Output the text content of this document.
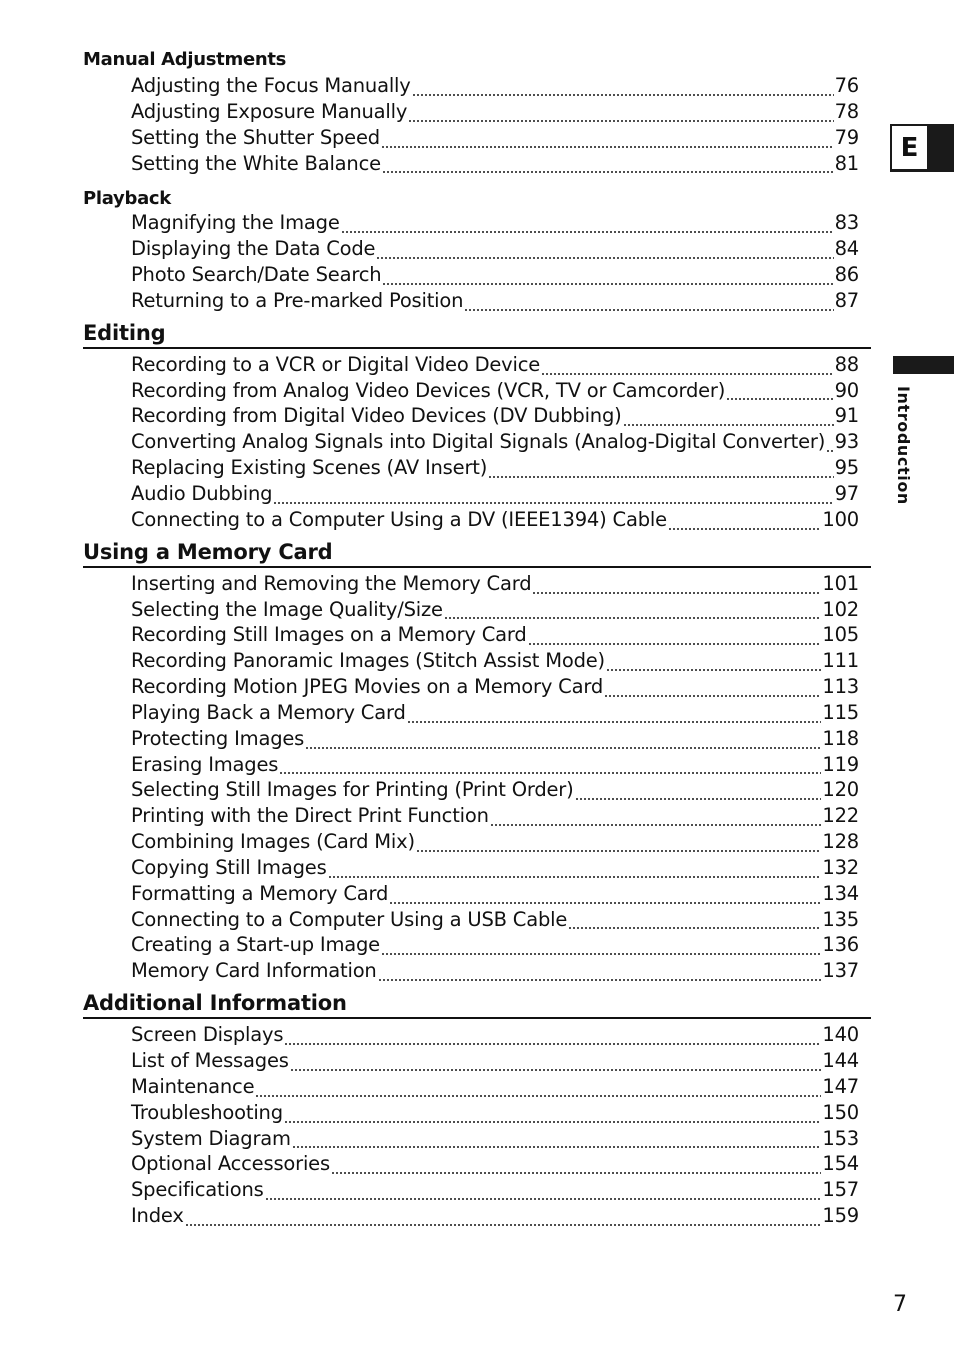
Manual Adjustments
Adjusting the Focus Manually	76
Adjusting Exposure Manually	78
Setting the Shutter Speed	79
Setting the White Balance	81
Playback
Magnifying the Image	83
Displaying the Data Code	84
Photo Search/Date Search	86
Returning to a Pre-marked Position	87
Editing
Recording to a VCR or Digital Video Device	88
Recording from Analog Video Devices (VCR, TV or Camcorder)	90
Recording from Digital Video Devices (DV Dubbing)	91
Converting Analog Signals into Digital Signals (Analog-Digital Converter) 93
Replacing Existing Scenes (AV Insert)	95
Audio Dubbing	97
Connecting to a Computer Using a DV (IEEE1394) Cable	100
Using a Memory Card
Inserting and Removing the Memory Card	101
Selecting the Image Quality/Size	102
Recording Still Images on a Memory Card	105
Recording Panoramic Images (Stitch Assist Mode)	111
Recording Motion JPEG Movies on a Memory Card	113
Playing Back a Memory Card	115
Protecting Images	118
Erasing Images	119
Selecting Still Images for Printing (Print Order)	120
Printing with the Direct Print Function	122
Combining Images (Card Mix)	128
Copying Still Images	132
Formatting a Memory Card	134
Connecting to a Computer Using a USB Cable	135
Creating a Start-up Image	136
Memory Card Information	137
Additional Information
Screen Displays	140
List of Messages	144
Maintenance	147
Troubleshooting	150
System Diagram	153
Optional Accessories	154
Specifications	157
Index	159
E
Introduction
7
